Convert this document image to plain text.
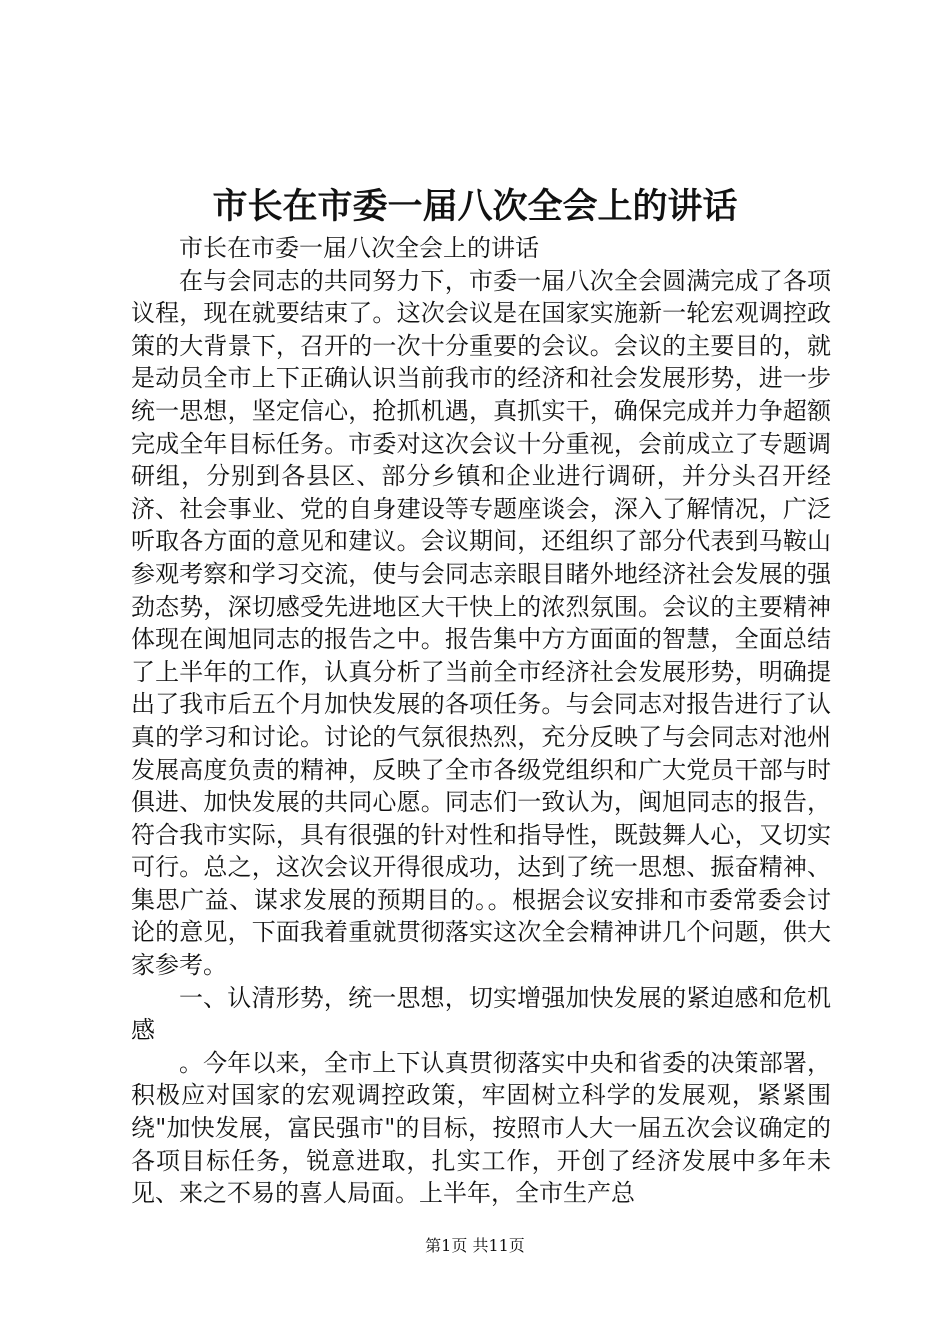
市长在市委一届八次全会上的讲话

市长在市委一届八次全会上的讲话

在与会同志的共同努力下，市委一届八次全会圆满完成了各项议程，现在就要结束了。这次会议是在国家实施新一轮宏观调控政策的大背景下，召开的一次十分重要的会议。会议的主要目的，就是动员全市上下正确认识当前我市的经济和社会发展形势，进一步统一思想，坚定信心，抢抓机遇，真抓实干，确保完成并力争超额完成全年目标任务。市委对这次会议十分重视，会前成立了专题调研组，分别到各县区、部分乡镇和企业进行调研，并分头召开经济、社会事业、党的自身建设等专题座谈会，深入了解情况，广泛听取各方面的意见和建议。会议期间，还组织了部分代表到马鞍山参观考察和学习交流，使与会同志亲眼目睹外地经济社会发展的强劲态势，深切感受先进地区大干快上的浓烈氛围。会议的主要精神体现在闽旭同志的报告之中。报告集中方方面面的智慧，全面总结了上半年的工作，认真分析了当前全市经济社会发展形势，明确提出了我市后五个月加快发展的各项任务。与会同志对报告进行了认真的学习和讨论。讨论的气氛很热烈，充分反映了与会同志对池州发展高度负责的精神，反映了全市各级党组织和广大党员干部与时俱进、加快发展的共同心愿。同志们一致认为，闽旭同志的报告，符合我市实际，具有很强的针对性和指导性，既鼓舞人心，又切实可行。总之，这次会议开得很成功，达到了统一思想、振奋精神、集思广益、谋求发展的预期目的。。根据会议安排和市委常委会讨论的意见，下面我着重就贯彻落实这次全会精神讲几个问题，供大家参考。

一、认清形势，统一思想，切实增强加快发展的紧迫感和危机感

。今年以来，全市上下认真贯彻落实中央和省委的决策部署，积极应对国家的宏观调控政策，牢固树立科学的发展观，紧紧围绕"加快发展，富民强市"的目标，按照市人大一届五次会议确定的各项目标任务，锐意进取，扎实工作，开创了经济发展中多年未见、来之不易的喜人局面。上半年，全市生产总

第1页 共11页
